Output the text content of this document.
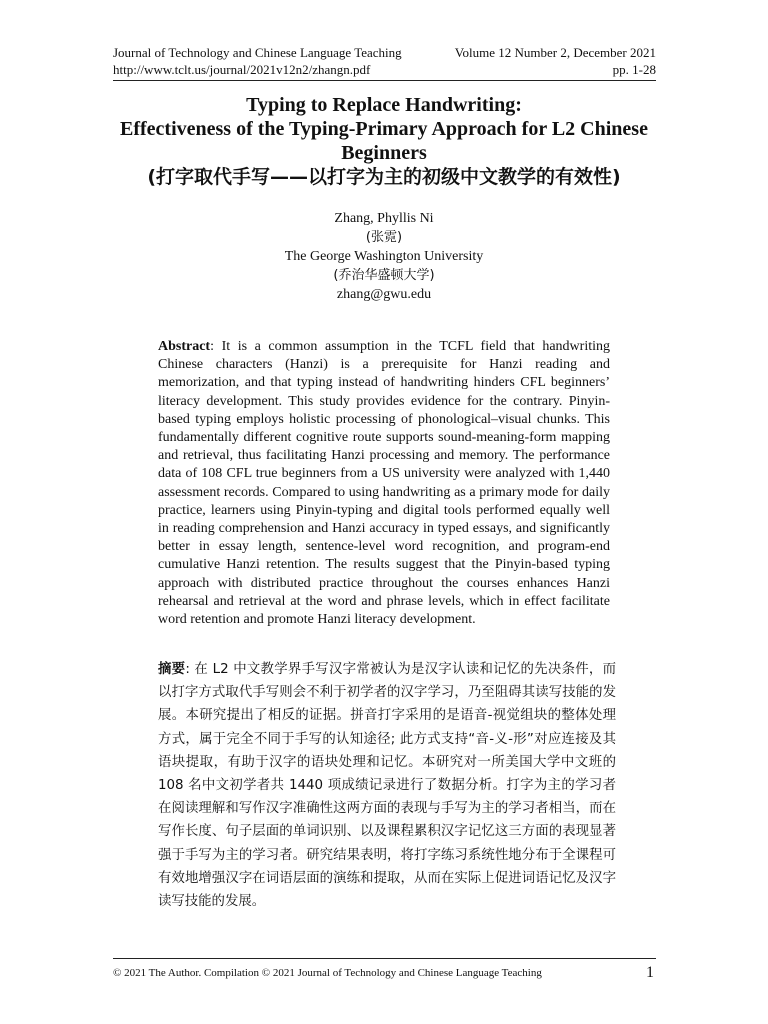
Journal of Technology and Chinese Language Teaching	Volume 12 Number 2, December 2021
http://www.tclt.us/journal/2021v12n2/zhangn.pdf	pp. 1-28
Typing to Replace Handwriting:
Effectiveness of the Typing-Primary Approach for L2 Chinese
Beginners
(打字取代手写——以打字为主的初级中文教学的有效性)
Zhang, Phyllis Ni
(张霓)
The George Washington University
(乔治华盛顿大学)
zhang@gwu.edu
Abstract: It is a common assumption in the TCFL field that handwriting Chinese characters (Hanzi) is a prerequisite for Hanzi reading and memorization, and that typing instead of handwriting hinders CFL beginners’ literacy development. This study provides evidence for the contrary. Pinyin-based typing employs holistic processing of phonological–visual chunks. This fundamentally different cognitive route supports sound-meaning-form mapping and retrieval, thus facilitating Hanzi processing and memory. The performance data of 108 CFL true beginners from a US university were analyzed with 1,440 assessment records. Compared to using handwriting as a primary mode for daily practice, learners using Pinyin-typing and digital tools performed equally well in reading comprehension and Hanzi accuracy in typed essays, and significantly better in essay length, sentence-level word recognition, and program-end cumulative Hanzi retention. The results suggest that the Pinyin-based typing approach with distributed practice throughout the courses enhances Hanzi rehearsal and retrieval at the word and phrase levels, which in effect facilitate word retention and promote Hanzi literacy development.
摘要: 在 L2 中文教学界手写汉字常被认为是汉字认读和记忆的先决条件，而以打字方式取代手写则会不利于初学者的汉字学习，乃至阻碍其读写技能的发展。本研究提出了相反的证据。拼音打字采用的是语音-视觉组块的整体处理方式，属于完全不同于手写的认知途径; 此方式支持“音-义-形”对应连接及其语块提取，有助于汉字的语块处理和记忆。本研究对一所美国大学中文班的 108 名中文初学者共 1440 项成绩记录进行了数据分析。打字为主的学习者在阅读理解和写作汉字准确性这两方面的表现与手写为主的学习者相当，而在写作长度、句子层面的单词识别、以及课程累积汉字记忆这三方面的表现显著强于手写为主的学习者。研究结果表明，将打字练习系统性地分布于全课程可有效地增强汉字在词语层面的演练和提取，从而在实际上促进词语记忆及汉字读写技能的发展。
© 2021 The Author. Compilation © 2021 Journal of Technology and Chinese Language Teaching	1
